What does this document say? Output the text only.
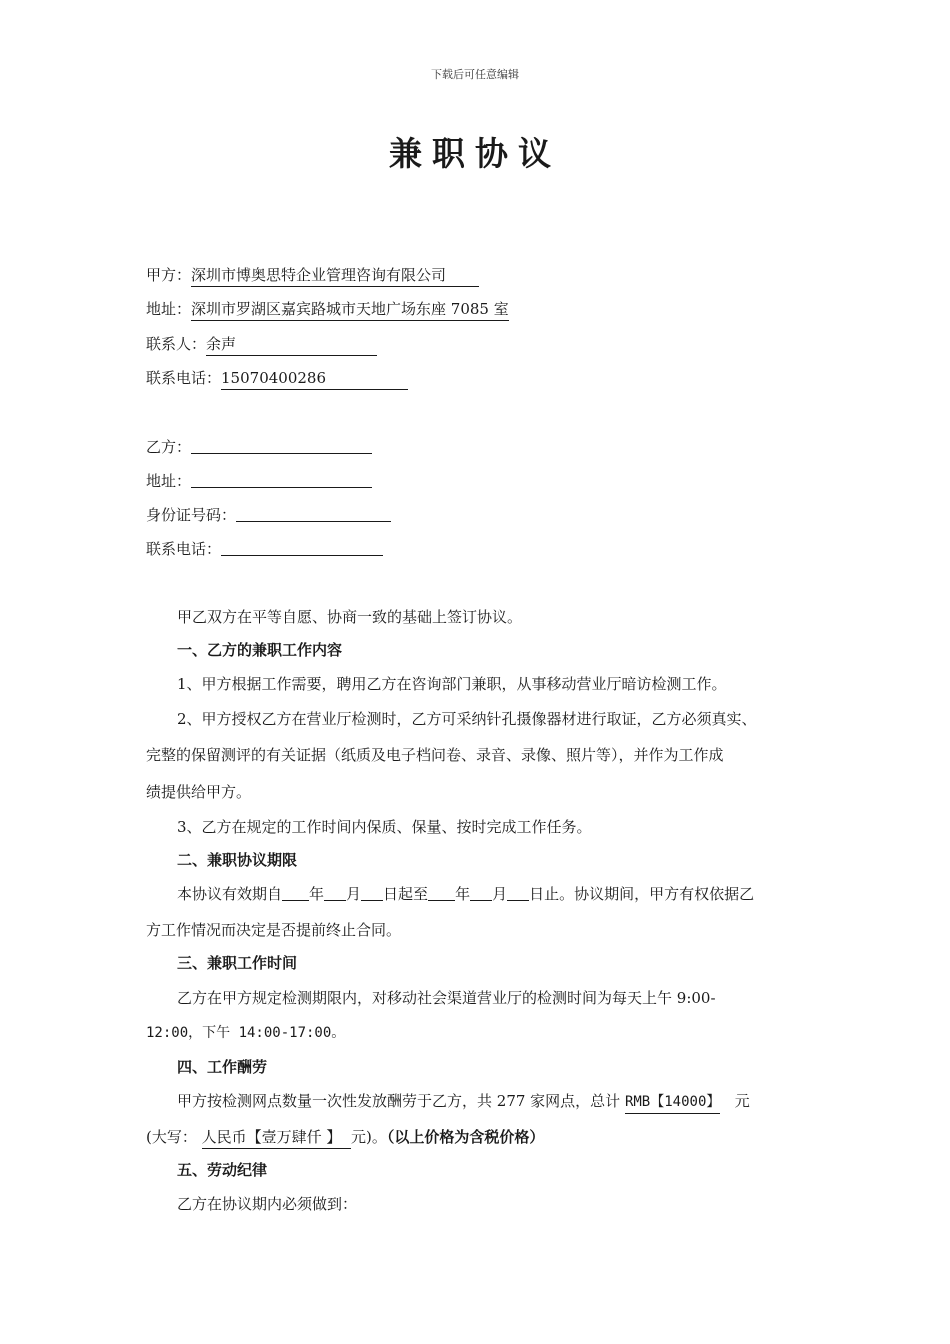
下载后可任意编辑
兼职协议
甲方：深圳市博奥思特企业管理咨询有限公司
地址：深圳市罗湖区嘉宾路城市天地广场东座 7085 室
联系人：余声
联系电话：15070400286
乙方：
地址：
身份证号码：
联系电话：
甲乙双方在平等自愿、协商一致的基础上签订协议。
一、乙方的兼职工作内容
1、甲方根据工作需要，聘用乙方在咨询部门兼职，从事移动营业厅暗访检测工作。
2、甲方授权乙方在营业厅检测时，乙方可采纳针孔摄像器材进行取证，乙方必须真实、
完整的保留测评的有关证据（纸质及电子档问卷、录音、录像、照片等），并作为工作成
绩提供给甲方。
3、乙方在规定的工作时间内保质、保量、按时完成工作任务。
二、兼职协议期限
本协议有效期自 年 月 日起至 年 月 日止。协议期间，甲方有权依据乙
方工作情况而决定是否提前终止合同。
三、兼职工作时间
乙方在甲方规定检测期限内，对移动社会渠道营业厅的检测时间为每天上午 9:00-
12:00，下午 14:00-17:00。
四、工作酬劳
甲方按检测网点数量一次性发放酬劳于乙方，共 277 家网点，总计 RMB【14000】 元
(大写： 人民币【壹万肆仟 】 元)。（以上价格为含税价格）
五、劳动纪律
乙方在协议期内必须做到：
